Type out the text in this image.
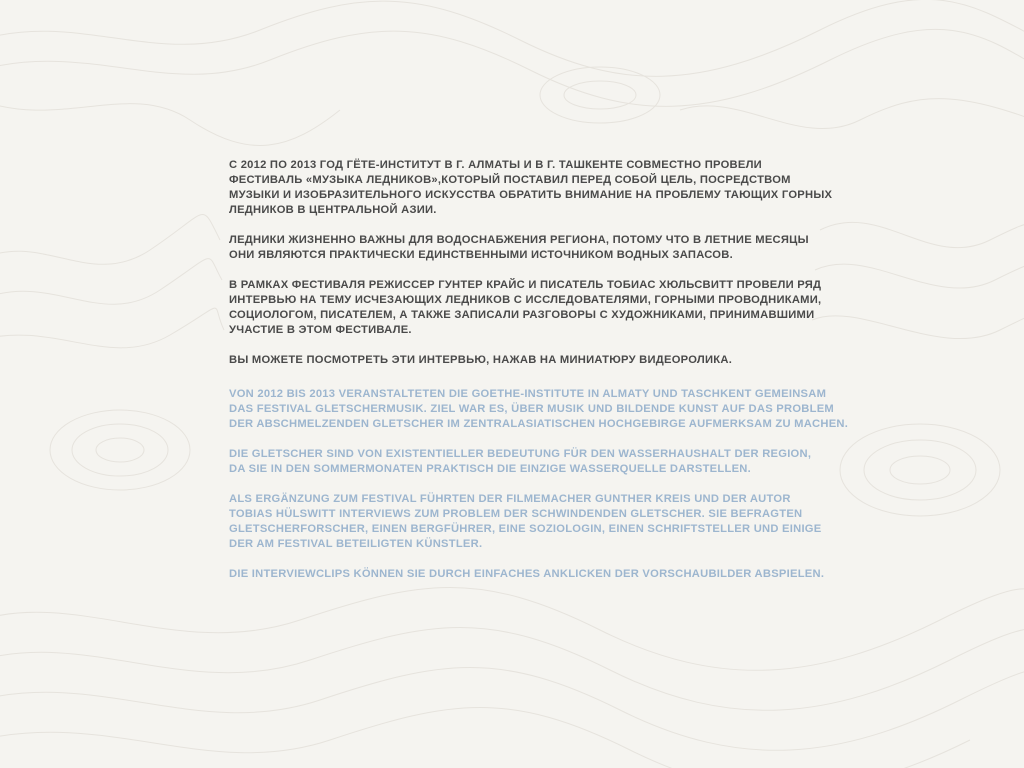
С 2012 ПО 2013 ГОД ГЁТЕ-ИНСТИТУТ В Г. АЛМАТЫ И В Г. ТАШКЕНТЕ СОВМЕСТНО ПРОВЕЛИ
ФЕСТИВАЛЬ «МУЗЫКА ЛЕДНИКОВ»,КОТОРЫЙ ПОСТАВИЛ ПЕРЕД СОБОЙ ЦЕЛЬ, ПОСРЕДСТВОМ
МУЗЫКИ И ИЗОБРАЗИТЕЛЬНОГО ИСКУССТВА ОБРАТИТЬ ВНИМАНИЕ НА ПРОБЛЕМУ ТАЮЩИХ ГОРНЫХ
ЛЕДНИКОВ В ЦЕНТРАЛЬНОЙ АЗИИ.

ЛЕДНИКИ ЖИЗНЕННО ВАЖНЫ ДЛЯ ВОДОСНАБЖЕНИЯ РЕГИОНА, ПОТОМУ ЧТО В ЛЕТНИЕ МЕСЯЦЫ
ОНИ ЯВЛЯЮТСЯ ПРАКТИЧЕСКИ ЕДИНСТВЕННЫМИ ИСТОЧНИКОМ ВОДНЫХ ЗАПАСОВ.

В РАМКАХ ФЕСТИВАЛЯ РЕЖИССЕР ГУНТЕР КРАЙС И ПИСАТЕЛЬ ТОБИАС ХЮЛЬСВИТТ ПРОВЕЛИ РЯД
ИНТЕРВЬЮ НА ТЕМУ ИСЧЕЗАЮЩИХ ЛЕДНИКОВ С ИССЛЕДОВАТЕЛЯМИ, ГОРНЫМИ ПРОВОДНИКАМИ,
СОЦИОЛОГОМ, ПИСАТЕЛЕМ, А ТАКЖЕ ЗАПИСАЛИ РАЗГОВОРЫ С ХУДОЖНИКАМИ, ПРИНИМАВШИМИ
УЧАСТИЕ В ЭТОМ ФЕСТИВАЛЕ.

ВЫ МОЖЕТЕ ПОСМОТРЕТЬ ЭТИ ИНТЕРВЬЮ, НАЖАВ НА МИНИАТЮРУ ВИДЕОРОЛИКА.

VON 2012 BIS 2013 VERANSTALTETEN DIE GOETHE-INSTITUTE IN ALMATY UND TASCHKENT GEMEINSAM
DAS FESTIVAL GLETSCHERMUSIK. ZIEL WAR ES, ÜBER MUSIK UND BILDENDE KUNST AUF DAS PROBLEM
DER ABSCHMELZENDEN GLETSCHER IM ZENTRALASIATISCHEN HOCHGEBIRGE AUFMERKSAM ZU MACHEN.

DIE GLETSCHER SIND VON EXISTENTIELLER BEDEUTUNG FÜR DEN WASSERHAUSHALT DER REGION,
DA SIE IN DEN SOMMERMONATEN PRAKTISCH DIE EINZIGE WASSERQUELLE DARSTELLEN.

ALS ERGÄNZUNG ZUM FESTIVAL FÜHRTEN DER FILMEMACHER GUNTHER KREIS UND DER AUTOR
TOBIAS HÜLSWITT INTERVIEWS ZUM PROBLEM DER SCHWINDENDEN GLETSCHER. SIE BEFRAGTEN
GLETSCHERFORSCHER, EINEN BERGFÜHRER, EINE SOZIOLOGIN, EINEN SCHRIFTSTELLER UND EINIGE
DER AM FESTIVAL BETEILIGTEN KÜNSTLER.

DIE INTERVIEWCLIPS KÖNNEN SIE DURCH EINFACHES ANKLICKEN DER VORSCHAUBILDER ABSPIELEN.
